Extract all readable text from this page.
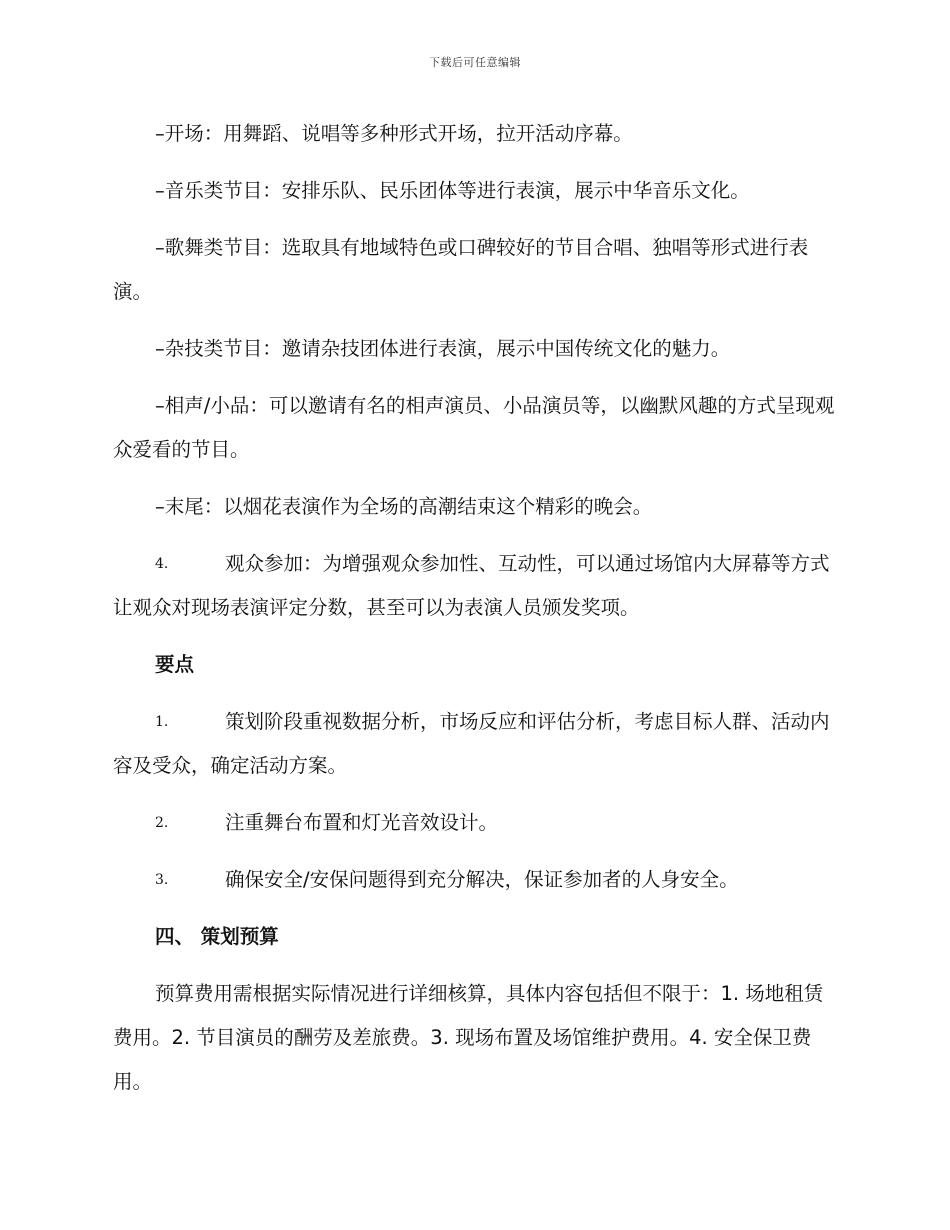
下载后可任意编辑

–开场：用舞蹈、说唱等多种形式开场，拉开活动序幕。

–音乐类节目：安排乐队、民乐团体等进行表演，展示中华音乐文化。

–歌舞类节目：选取具有地域特色或口碑较好的节目合唱、独唱等形式进行表演。

–杂技类节目：邀请杂技团体进行表演，展示中国传统文化的魅力。

–相声/小品：可以邀请有名的相声演员、小品演员等，以幽默风趣的方式呈现观众爱看的节目。

–末尾：以烟花表演作为全场的高潮结束这个精彩的晚会。

4.	观众参加：为增强观众参加性、互动性，可以通过场馆内大屏幕等方式让观众对现场表演评定分数，甚至可以为表演人员颁发奖项。

要点

1.	策划阶段重视数据分析，市场反应和评估分析，考虑目标人群、活动内容及受众，确定活动方案。

2.	注重舞台布置和灯光音效设计。

3.	确保安全/安保问题得到充分解决，保证参加者的人身安全。

四、 策划预算

预算费用需根据实际情况进行详细核算，具体内容包括但不限于：1. 场地租赁费用。2. 节目演员的酬劳及差旅费。3. 现场布置及场馆维护费用。4. 安全保卫费用。
